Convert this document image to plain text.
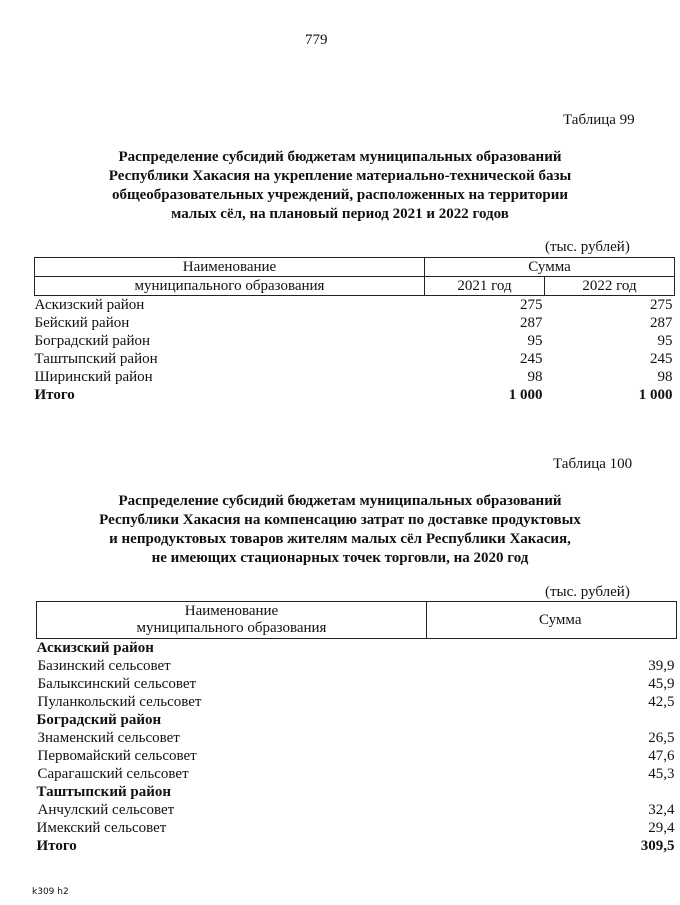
779
Таблица 99
Распределение субсидий бюджетам муниципальных образований
Республики Хакасия на укрепление материально-технической базы
общеобразовательных учреждений, расположенных на территории
малых сёл, на плановый период 2021 и 2022 годов
(тыс. рублей)
Наименование	Сумма	
муниципального образования	2021 год	2022 год
Аскизский район	275	275
Бейский район	287	287
Боградский район	95	95
Таштыпский район	245	245
Ширинский район	98	98
Итого	1 000	1 000
Таблица 100
Распределение субсидий бюджетам муниципальных образований
Республики Хакасия на компенсацию затрат по доставке продуктовых
и непродуктовых товаров жителям малых сёл Республики Хакасия,
не имеющих стационарных точек торговли, на 2020 год
(тыс. рублей)
Наименование
муниципального образования	Сумма
Аскизский район	
Базинский сельсовет	39,9
Балыксинский сельсовет	45,9
Пуланкольский сельсовет	42,5
Боградский район	
Знаменский сельсовет	26,5
Первомайский сельсовет	47,6
Сарагашский сельсовет	45,3
Таштыпский район	
Анчулский сельсовет	32,4
Имекский сельсовет	29,4
Итого	309,5
k309 h2
